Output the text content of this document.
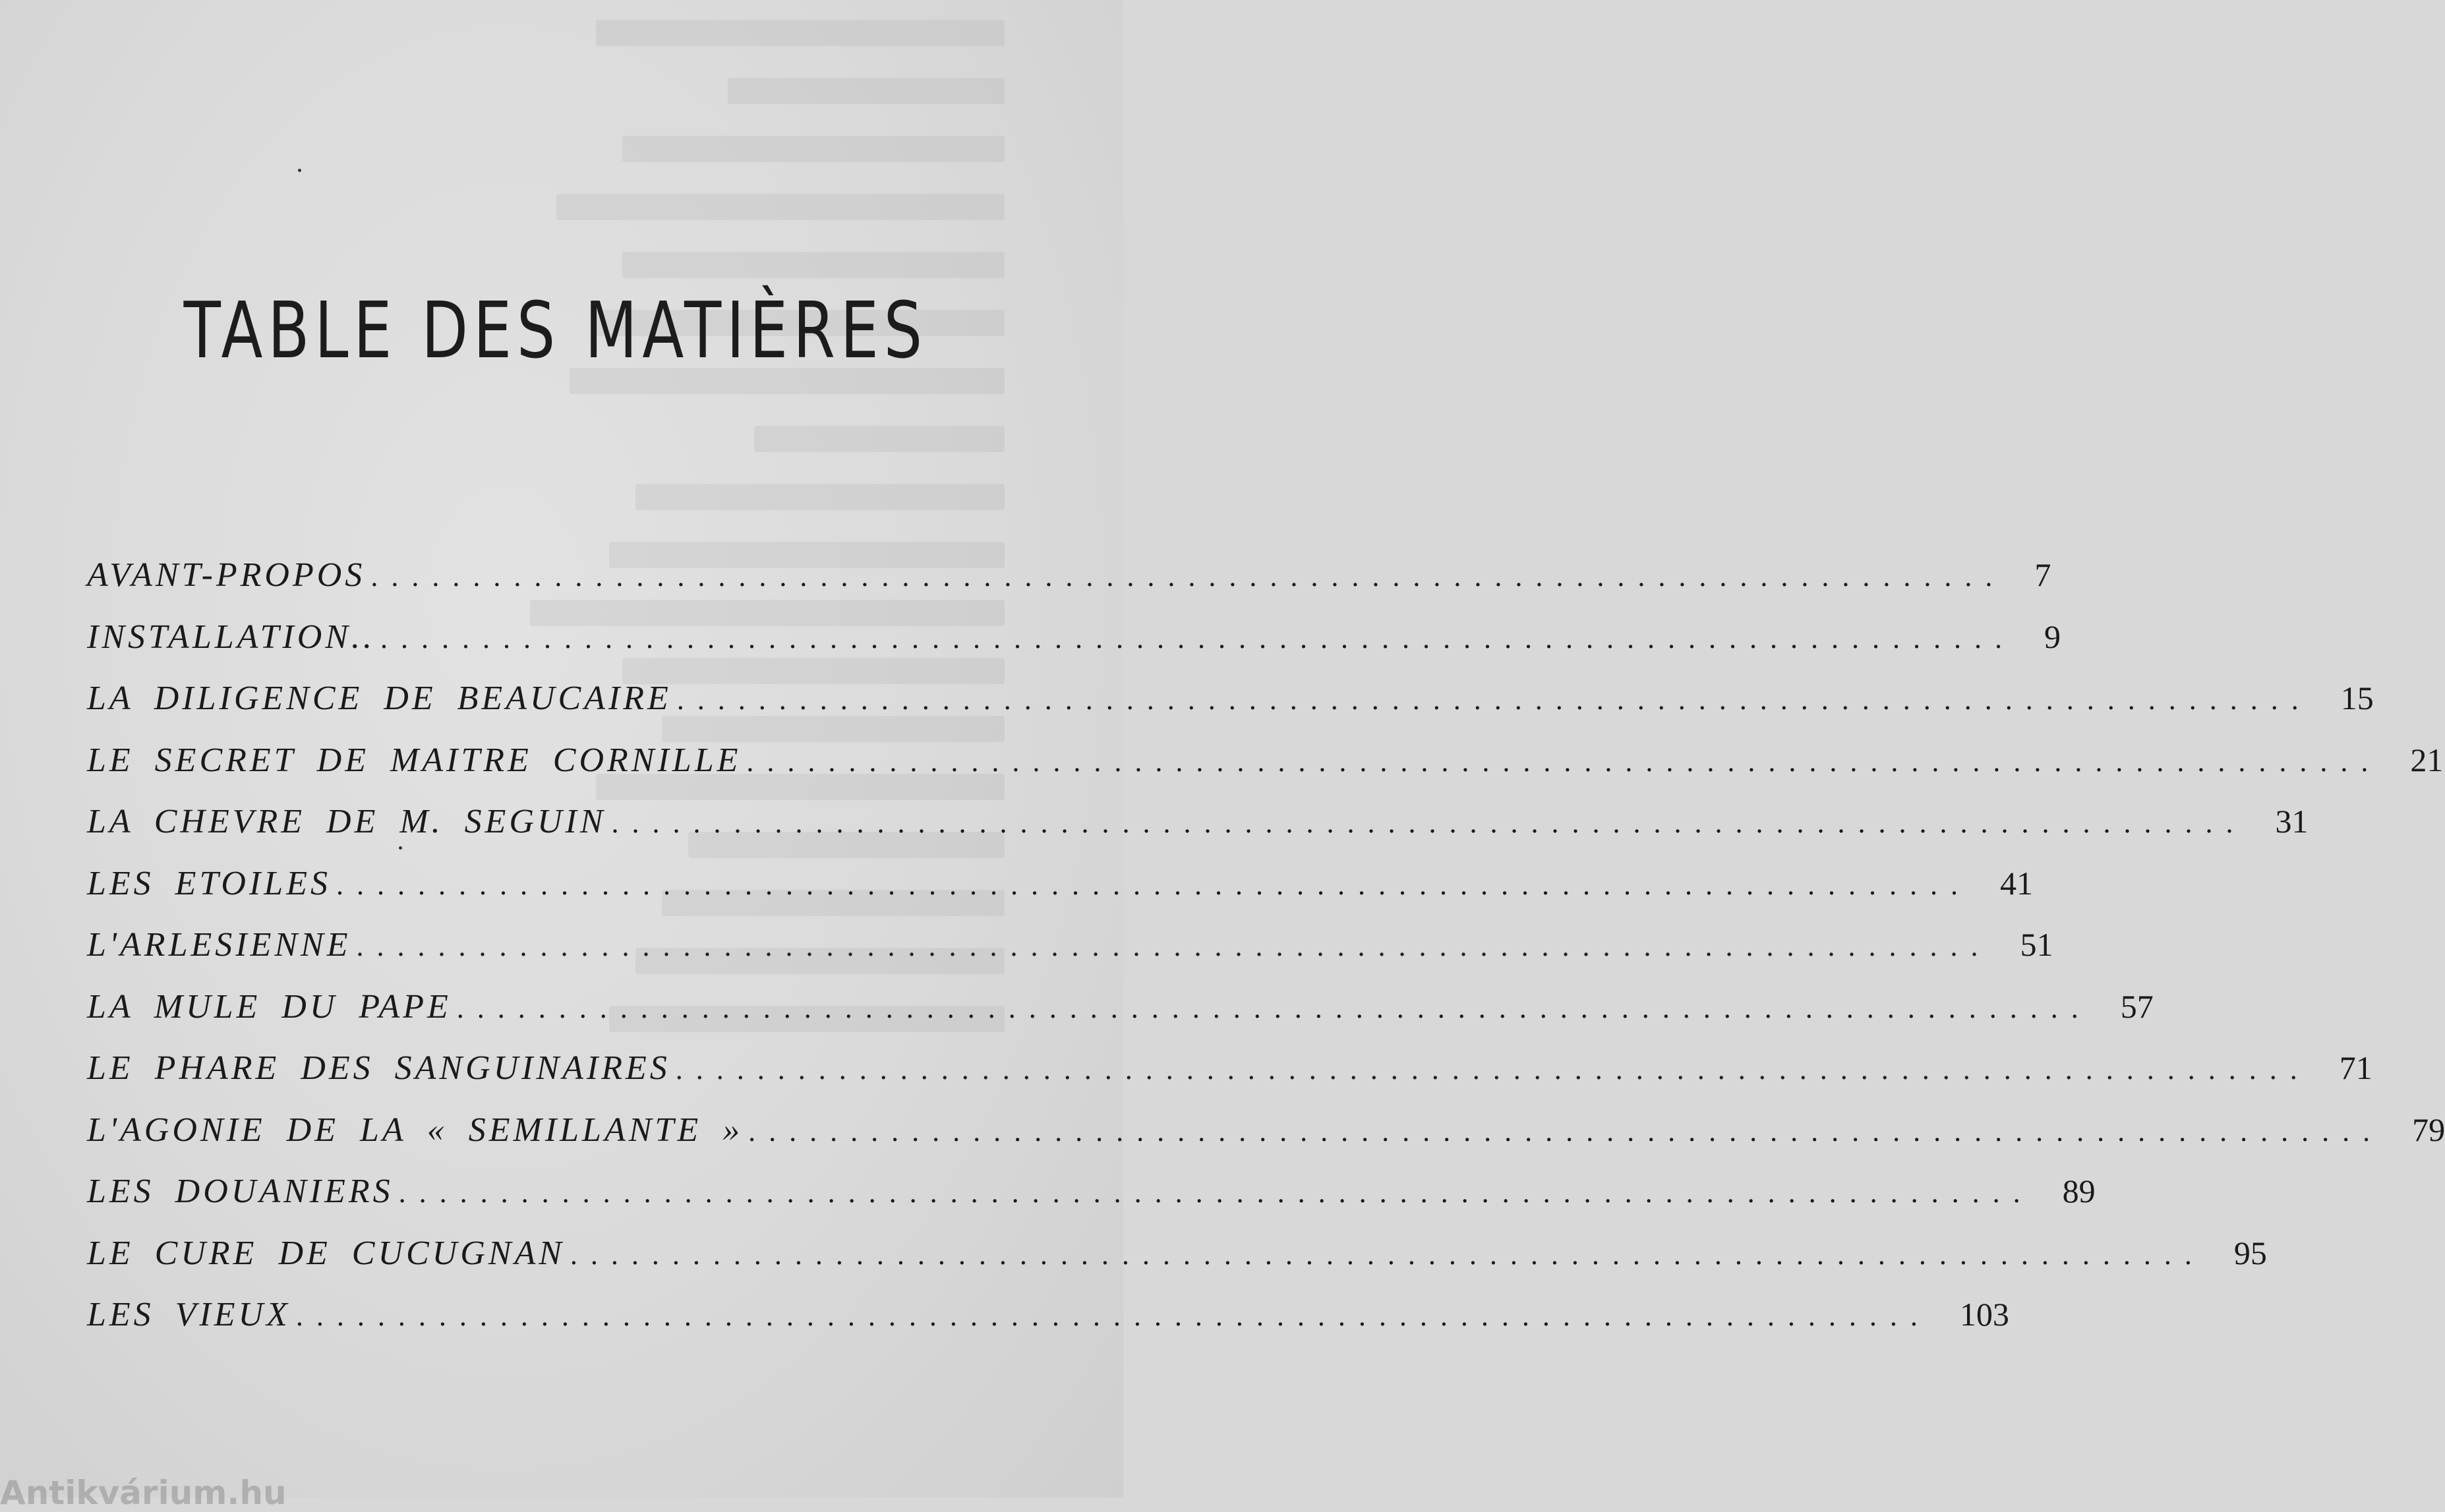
TABLE DES MATIÈRES
AVANT-PROPOS ................................................................................ 7
INSTALLATION.. ................................................................................ 9
LA DILIGENCE DE BEAUCAIRE ................................................................................ 15
LE SECRET DE MAITRE CORNILLE ................................................................................ 21
LA CHEVRE DE M. SEGUIN ................................................................................ 31
LES ETOILES ................................................................................ 41
L'ARLESIENNE ................................................................................ 51
LA MULE DU PAPE ................................................................................ 57
LE PHARE DES SANGUINAIRES ................................................................................ 71
L'AGONIE DE LA « SEMILLANTE » ................................................................................ 79
LES DOUANIERS ................................................................................ 89
LE CURE DE CUCUGNAN ................................................................................ 95
LES VIEUX ................................................................................ 103
Antikvárium.hu
